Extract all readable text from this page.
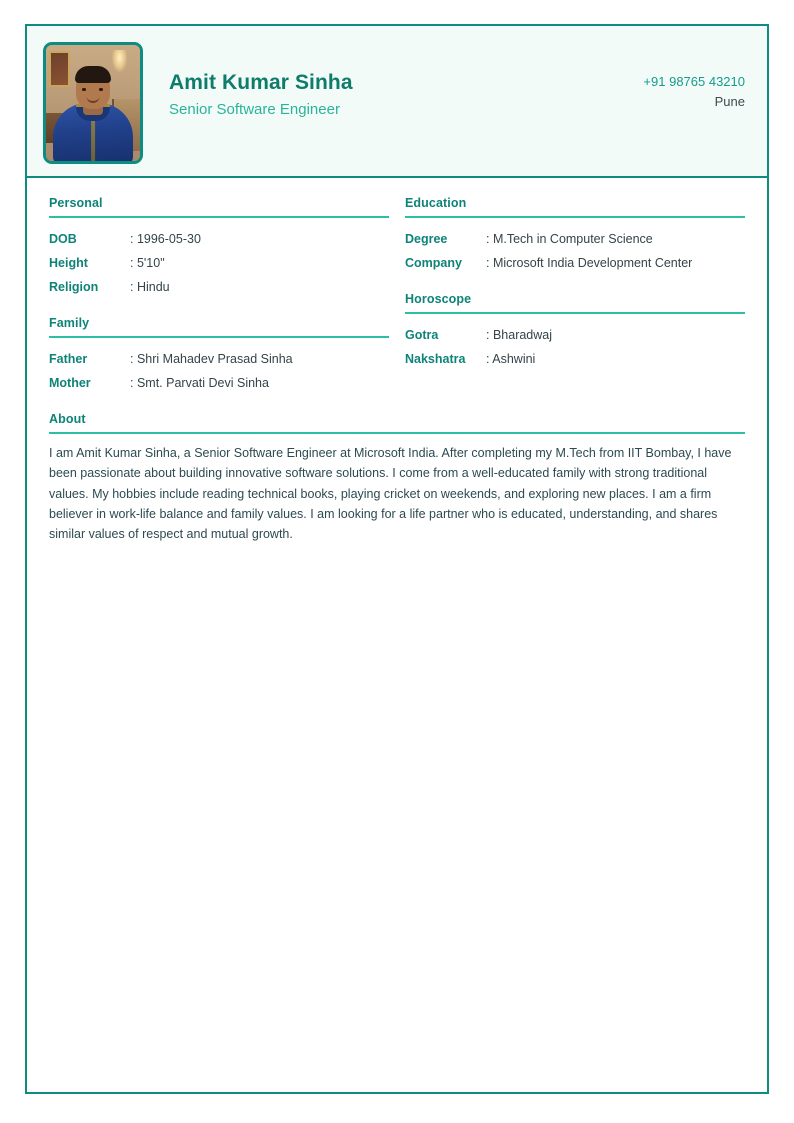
Amit Kumar Sinha
Senior Software Engineer
+91 98765 43210
Pune
Personal
DOB	: 1996-05-30
Height	: 5'10"
Religion	: Hindu
Family
Father	: Shri Mahadev Prasad Sinha
Mother	: Smt. Parvati Devi Sinha
Education
Degree	: M.Tech in Computer Science
Company	: Microsoft India Development Center
Horoscope
Gotra	: Bharadwaj
Nakshatra	: Ashwini
About
I am Amit Kumar Sinha, a Senior Software Engineer at Microsoft India. After completing my M.Tech from IIT Bombay, I have been passionate about building innovative software solutions. I come from a well-educated family with strong traditional values. My hobbies include reading technical books, playing cricket on weekends, and exploring new places. I am a firm believer in work-life balance and family values. I am looking for a life partner who is educated, understanding, and shares similar values of respect and mutual growth.
